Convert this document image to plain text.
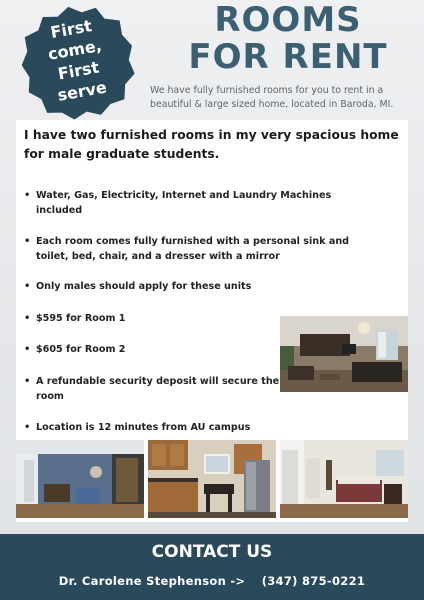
First
come,
First
serve
ROOMS
FOR RENT
We have fully furnished rooms for you to rent in a beautiful & large sized home, located in Baroda, MI.
I have two furnished rooms in my very spacious home for male graduate students.
• Water, Gas, Electricity, Internet and Laundry Machines included
• Each room comes fully furnished with a personal sink and toilet, bed, chair, and a dresser with a mirror
• Only males should apply for these units
• $595 for Room 1
• $605 for Room 2
• A refundable security deposit will secure the room
• Location is 12 minutes from AU campus
CONTACT US
Dr. Carolene Stephenson -> (347) 875-0221
